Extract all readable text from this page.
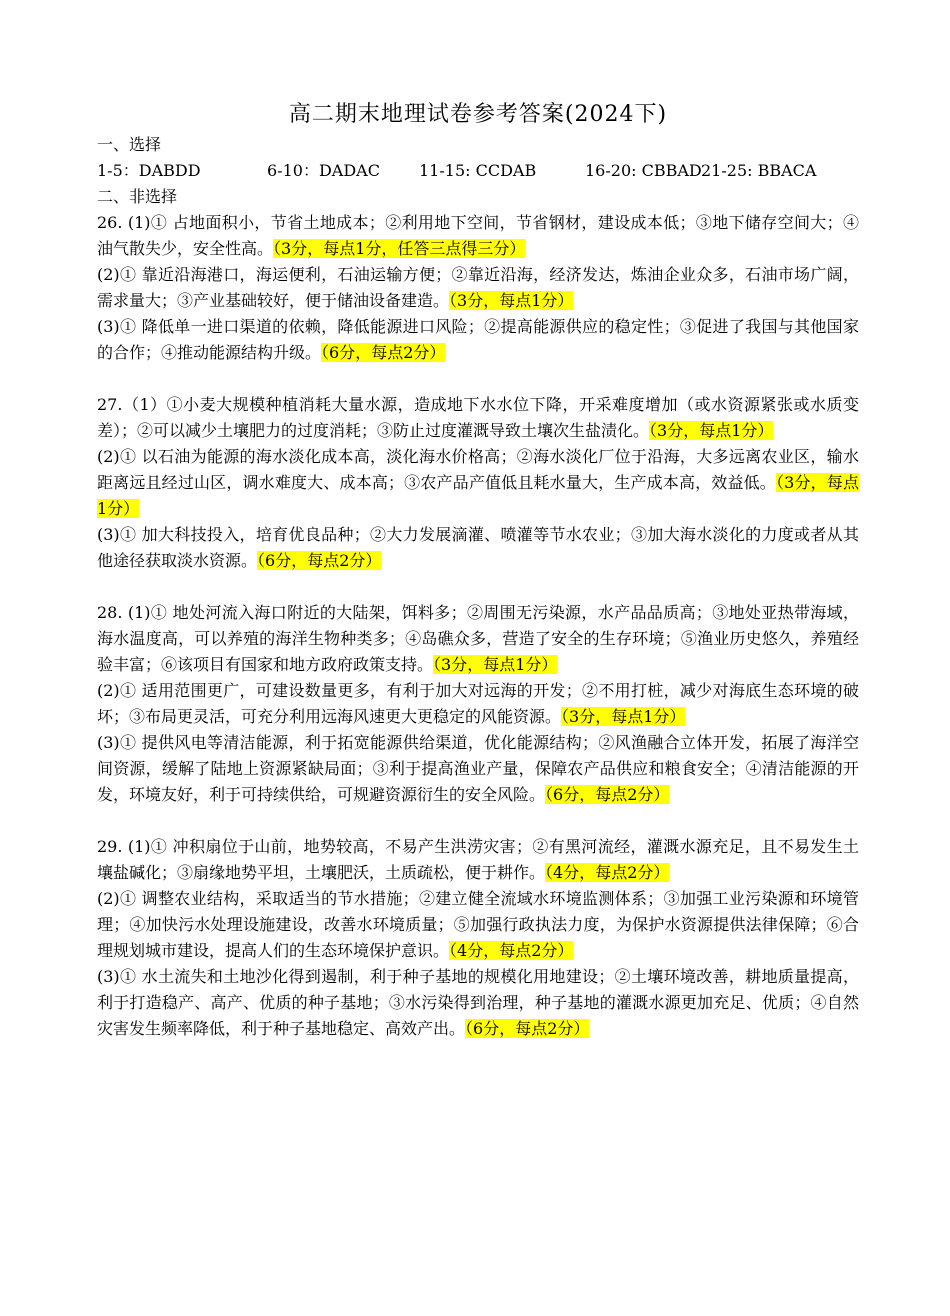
高二期末地理试卷参考答案(2024下)

一、选择

1-5：DABDD	6-10：DADAC	11-15: CCDAB	16-20: CBBAD 21-25: BBACA

二、非选择

26. (1)① 占地面积小，节省土地成本；②利用地下空间，节省钢材，建设成本低；③地下储存空间大；④油气散失少，安全性高。（3分，每点1分，任答三点得三分）

(2)① 靠近沿海港口，海运便利，石油运输方便；②靠近沿海，经济发达，炼油企业众多，石油市场广阔，需求量大；③产业基础较好，便于储油设备建造。（3分，每点1分）

(3)① 降低单一进口渠道的依赖，降低能源进口风险；②提高能源供应的稳定性；③促进了我国与其他国家的合作；④推动能源结构升级。（6分，每点2分）

27.（1）①小麦大规模种植消耗大量水源，造成地下水水位下降，开采难度增加（或水资源紧张或水质变差）；②可以减少土壤肥力的过度消耗；③防止过度灌溉导致土壤次生盐渍化。（3分，每点1分）

(2)① 以石油为能源的海水淡化成本高，淡化海水价格高；②海水淡化厂位于沿海，大多远离农业区，输水距离远且经过山区，调水难度大、成本高；③农产品产值低且耗水量大，生产成本高，效益低。（3分，每点1分）

(3)① 加大科技投入，培育优良品种；②大力发展滴灌、喷灌等节水农业；③加大海水淡化的力度或者从其他途径获取淡水资源。（6分，每点2分）

28. (1)① 地处河流入海口附近的大陆架，饵料多；②周围无污染源，水产品品质高；③地处亚热带海域，海水温度高，可以养殖的海洋生物种类多；④岛礁众多，营造了安全的生存环境；⑤渔业历史悠久，养殖经验丰富；⑥该项目有国家和地方政府政策支持。（3分，每点1分）

(2)① 适用范围更广，可建设数量更多，有利于加大对远海的开发；②不用打桩，减少对海底生态环境的破坏；③布局更灵活，可充分利用远海风速更大更稳定的风能资源。（3分，每点1分）

(3)① 提供风电等清洁能源，利于拓宽能源供给渠道，优化能源结构；②风渔融合立体开发，拓展了海洋空间资源，缓解了陆地上资源紧缺局面；③利于提高渔业产量，保障农产品供应和粮食安全；④清洁能源的开发，环境友好，利于可持续供给，可规避资源衍生的安全风险。（6分，每点2分）

29. (1)① 冲积扇位于山前，地势较高，不易产生洪涝灾害；②有黑河流经，灌溉水源充足，且不易发生土壤盐碱化；③扇缘地势平坦，土壤肥沃，土质疏松，便于耕作。（4分，每点2分）

(2)① 调整农业结构，采取适当的节水措施；②建立健全流域水环境监测体系；③加强工业污染源和环境管理；④加快污水处理设施建设，改善水环境质量；⑤加强行政执法力度，为保护水资源提供法律保障；⑥合理规划城市建设，提高人们的生态环境保护意识。（4分，每点2分）

(3)① 水土流失和土地沙化得到遏制，利于种子基地的规模化用地建设；②土壤环境改善，耕地质量提高，利于打造稳产、高产、优质的种子基地；③水污染得到治理，种子基地的灌溉水源更加充足、优质；④自然灾害发生频率降低，利于种子基地稳定、高效产出。（6分，每点2分）
